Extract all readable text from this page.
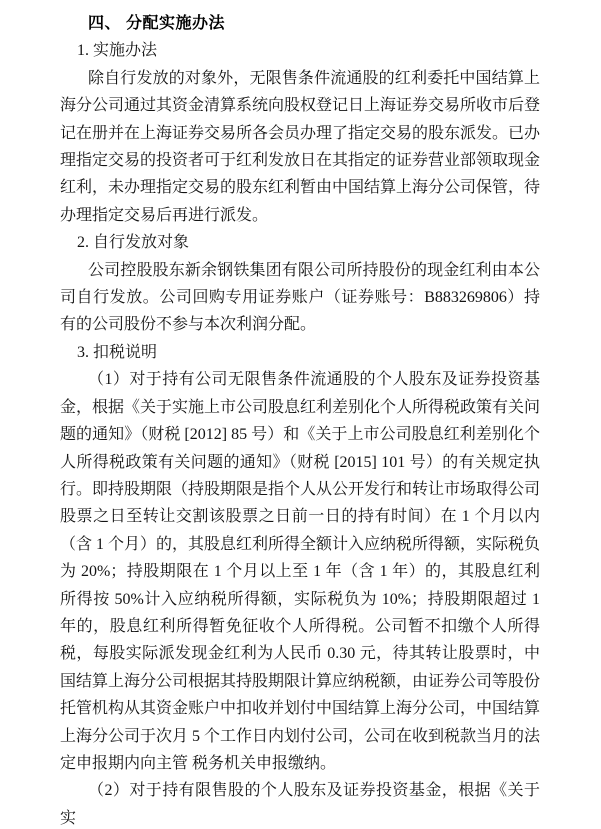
四、 分配实施办法
1. 实施办法
除自行发放的对象外，无限售条件流通股的红利委托中国结算上海分公司通过其资金清算系统向股权登记日上海证券交易所收市后登记在册并在上海证券交易所各会员办理了指定交易的股东派发。已办理指定交易的投资者可于红利发放日在其指定的证券营业部领取现金红利，未办理指定交易的股东红利暂由中国结算上海分公司保管，待办理指定交易后再进行派发。
2. 自行发放对象
公司控股股东新余钢铁集团有限公司所持股份的现金红利由本公司自行发放。公司回购专用证券账户（证券账号：B883269806）持有的公司股份不参与本次利润分配。
3. 扣税说明
（1）对于持有公司无限售条件流通股的个人股东及证券投资基金，根据《关于实施上市公司股息红利差别化个人所得税政策有关问题的通知》（财税 [2012] 85 号）和《关于上市公司股息红利差别化个人所得税政策有关问题的通知》（财税 [2015] 101 号）的有关规定执行。即持股期限（持股期限是指个人从公开发行和转让市场取得公司股票之日至转让交割该股票之日前一日的持有时间）在 1 个月以内（含 1 个月）的，其股息红利所得全额计入应纳税所得额，实际税负为 20%；持股期限在 1 个月以上至 1 年（含 1 年）的，其股息红利所得按 50%计入应纳税所得额，实际税负为 10%；持股期限超过 1 年的，股息红利所得暂免征收个人所得税。公司暂不扣缴个人所得税，每股实际派发现金红利为人民币 0.30 元，待其转让股票时，中国结算上海分公司根据其持股期限计算应纳税额，由证券公司等股份托管机构从其资金账户中扣收并划付中国结算上海分公司，中国结算上海分公司于次月 5 个工作日内划付公司，公司在收到税款当月的法定申报期内向主管 税务机关申报缴纳。
（2）对于持有限售股的个人股东及证券投资基金，根据《关于实
